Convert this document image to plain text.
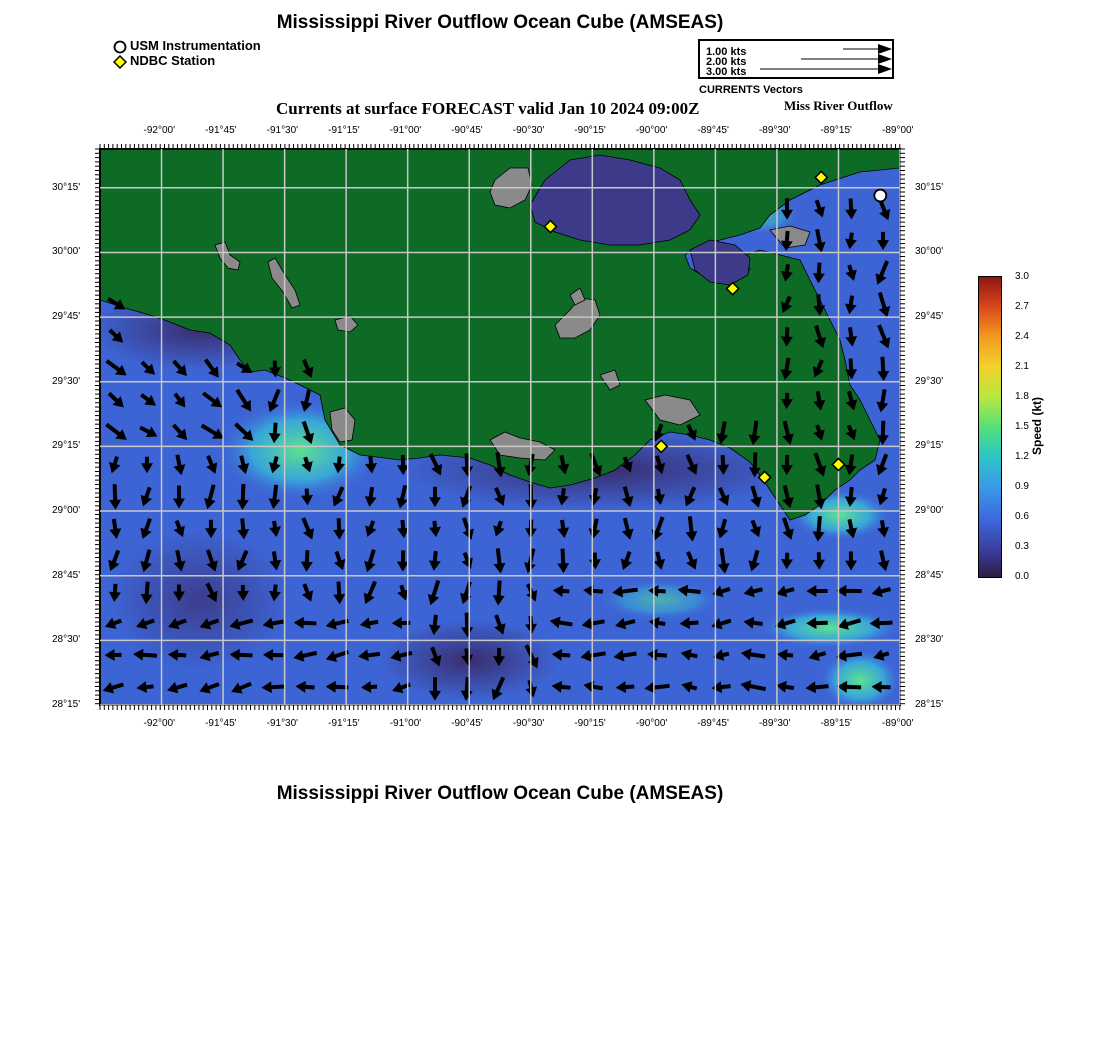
Mississippi River Outflow Ocean Cube (AMSEAS)
USM Instrumentation
NDBC Station
1.00 kts
2.00 kts
3.00 kts
CURRENTS Vectors
Currents at surface FORECAST valid Jan 10 2024 09:00Z	Miss River Outflow
-92°00'	-91°45'	-91°30'	-91°15'	-91°00'	-90°45'	-90°30'	-90°15'	-90°00'	-89°45'	-89°30'	-89°15'	-89°00'
-92°00'	-91°45'	-91°30'	-91°15'	-91°00'	-90°45'	-90°30'	-90°15'	-90°00'	-89°45'	-89°30'	-89°15'	-89°00'
30°15'
30°00'
29°45'
29°30'
29°15'
29°00'
28°45'
28°30'
28°15'
30°15'
30°00'
29°45'
29°30'
29°15'
29°00'
28°45'
28°30'
28°15'
3.0
2.7
2.4
2.1
1.8
1.5
1.2
0.9
0.6
0.3
0.0
Speed (kt)
Mississippi River Outflow Ocean Cube (AMSEAS)
